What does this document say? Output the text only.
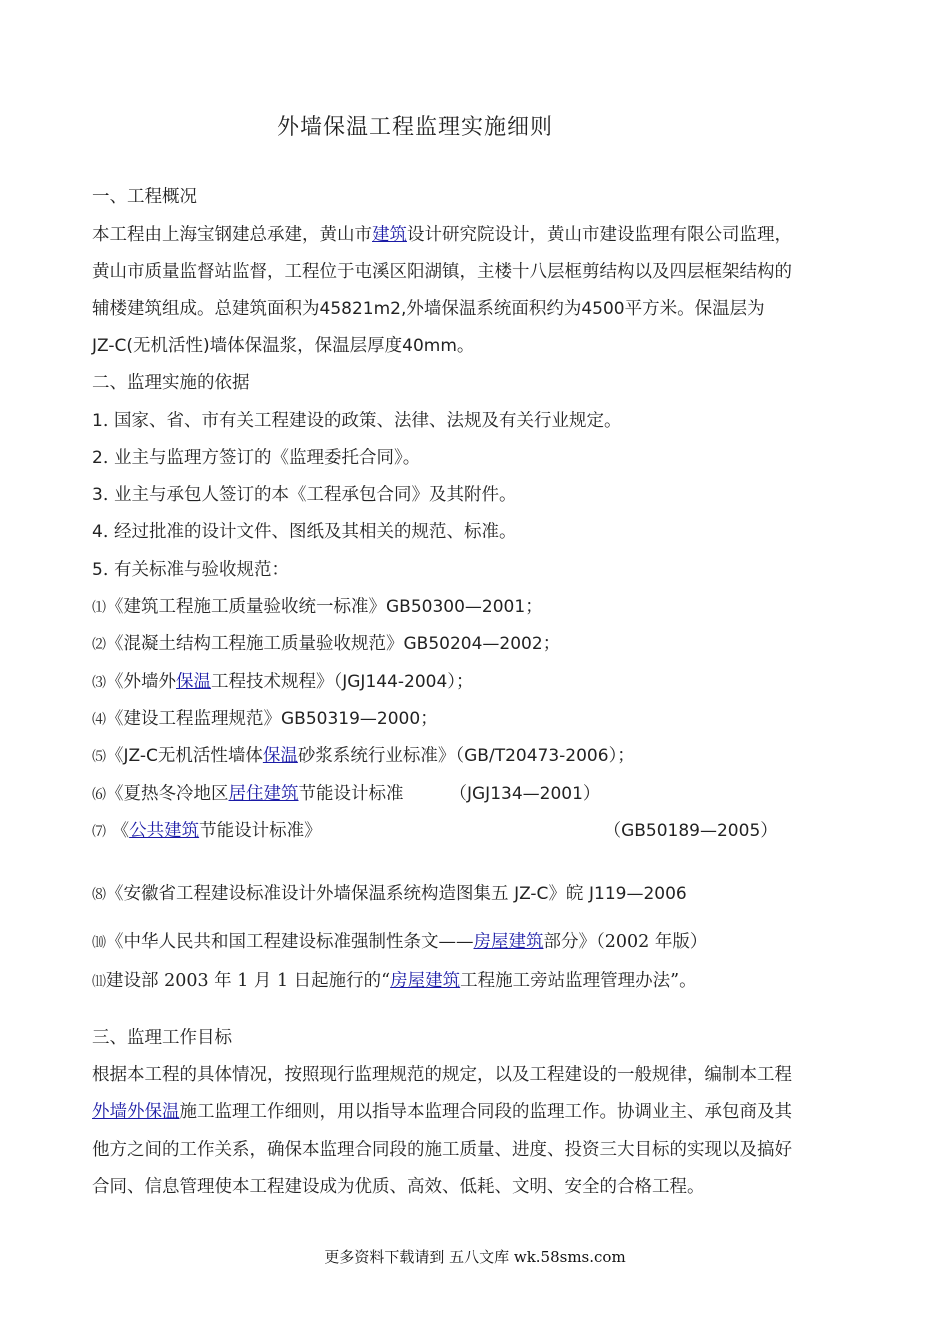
外墙保温工程监理实施细则
一、工程概况
本工程由上海宝钢建总承建，黄山市建筑设计研究院设计，黄山市建设监理有限公司监理，
黄山市质量监督站监督，工程位于屯溪区阳湖镇，主楼十八层框剪结构以及四层框架结构的
辅楼建筑组成。总建筑面积为45821m2,外墙保温系统面积约为4500平方米。保温层为
JZ-C(无机活性)墙体保温浆，保温层厚度40mm。
二、监理实施的依据
1. 国家、省、市有关工程建设的政策、法律、法规及有关行业规定。
2. 业主与监理方签订的《监理委托合同》。
3. 业主与承包人签订的本《工程承包合同》及其附件。
4. 经过批准的设计文件、图纸及其相关的规范、标准。
5. 有关标准与验收规范：
⑴《建筑工程施工质量验收统一标准》GB50300—2001；
⑵《混凝土结构工程施工质量验收规范》GB50204—2002；
⑶《外墙外保温工程技术规程》（JGJ144-2004）；
⑷《建设工程监理规范》GB50319—2000；
⑸《JZ-C无机活性墙体保温砂浆系统行业标准》（GB/T20473-2006）；
⑹《夏热冬冷地区居住建筑节能设计标准	（JGJ134—2001）
⑺ 《公共建筑节能设计标准》	（GB50189—2005）
⑻《安徽省工程建设标准设计外墙保温系统构造图集五 JZ-C》皖 J119—2006
⑽《中华人民共和国工程建设标准强制性条文——房屋建筑部分》（2002 年版）
⑾建设部 2003 年 1 月 1 日起施行的“房屋建筑工程施工旁站监理管理办法”。
三、监理工作目标
根据本工程的具体情况，按照现行监理规范的规定，以及工程建设的一般规律，编制本工程
外墙外保温施工监理工作细则，用以指导本监理合同段的监理工作。协调业主、承包商及其
他方之间的工作关系，确保本监理合同段的施工质量、进度、投资三大目标的实现以及搞好
合同、信息管理使本工程建设成为优质、高效、低耗、文明、安全的合格工程。
更多资料下载请到 五八文库 wk.58sms.com
